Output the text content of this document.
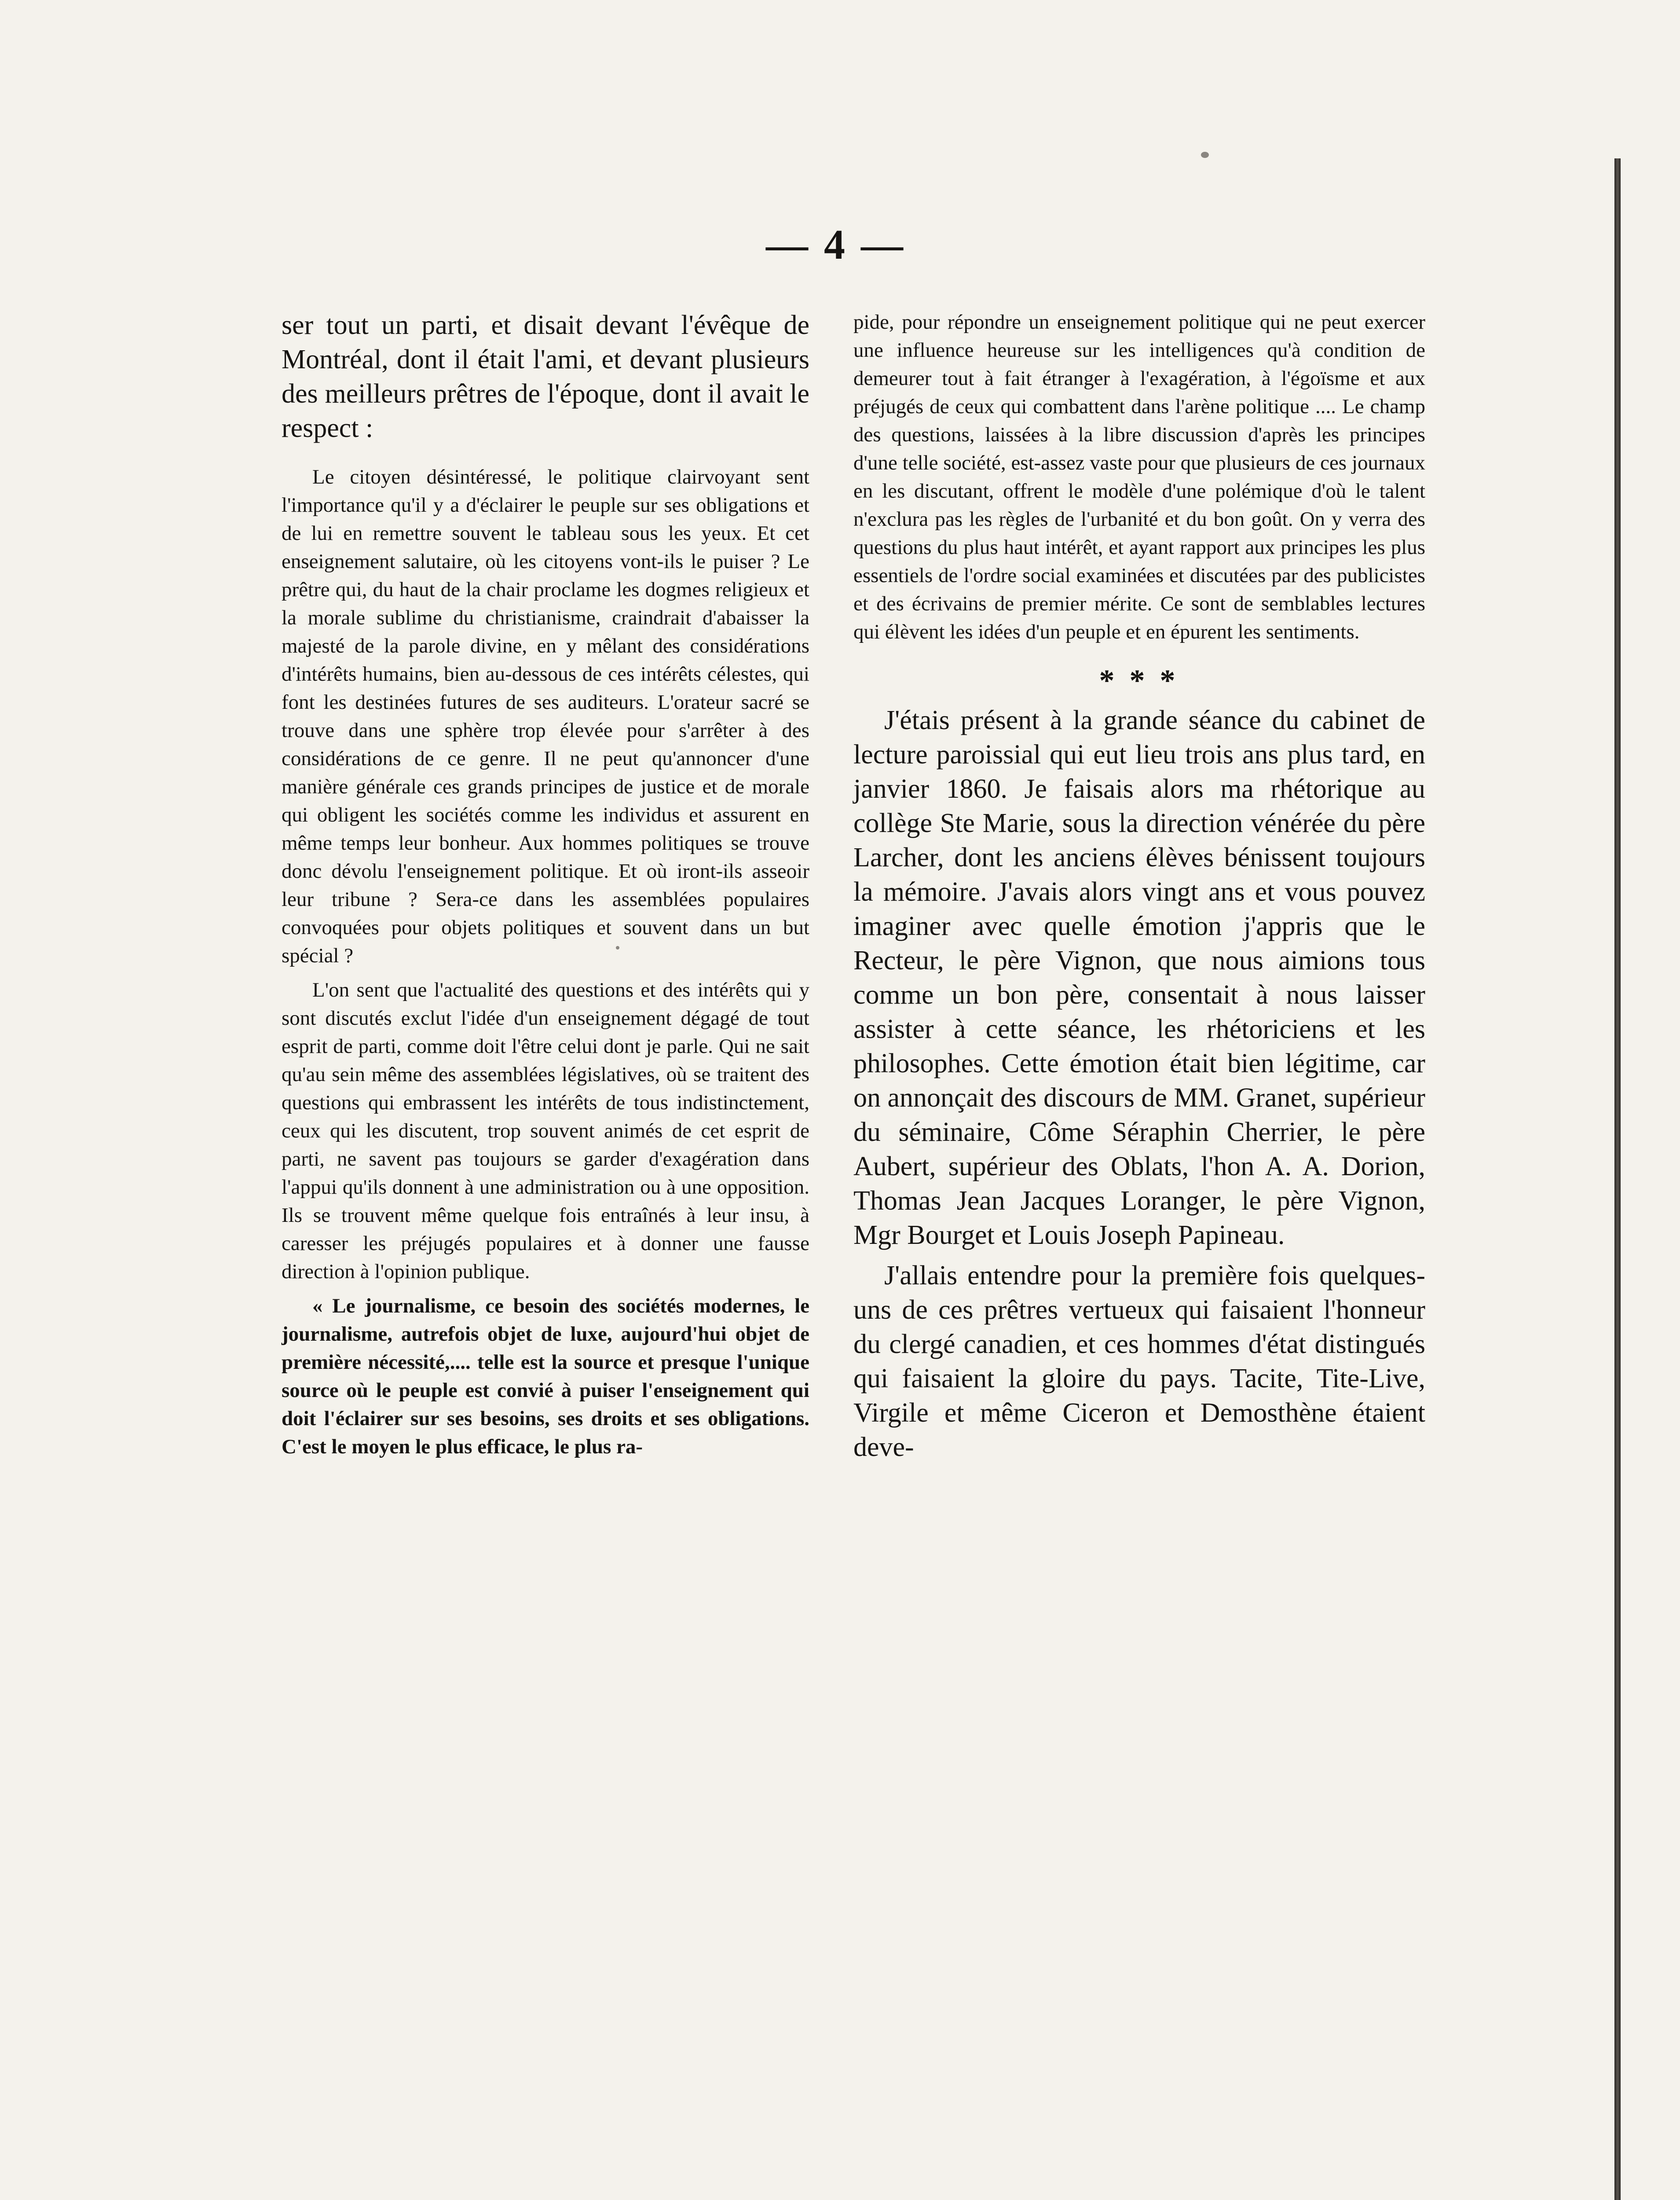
— 4 —

ser tout un parti, et disait devant l'évêque de Montréal, dont il était l'ami, et devant plusieurs des meilleurs prêtres de l'époque, dont il avait le respect :

Le citoyen désintéressé, le politique clairvoyant sent l'importance qu'il y a d'éclairer le peuple sur ses obligations et de lui en remettre souvent le tableau sous les yeux. Et cet enseignement salutaire, où les citoyens vont-ils le puiser ? Le prêtre qui, du haut de la chair proclame les dogmes religieux et la morale sublime du christianisme, craindrait d'abaisser la majesté de la parole divine, en y mêlant des considérations d'intérêts humains, bien au-dessous de ces intérêts célestes, qui font les destinées futures de ses auditeurs. L'orateur sacré se trouve dans une sphère trop élevée pour s'arrêter à des considérations de ce genre. Il ne peut qu'annoncer d'une manière générale ces grands principes de justice et de morale qui obligent les sociétés comme les individus et assurent en même temps leur bonheur. Aux hommes politiques se trouve donc dévolu l'enseignement politique. Et où iront-ils asseoir leur tribune ? Sera-ce dans les assemblées populaires convoquées pour objets politiques et souvent dans un but spécial ?

L'on sent que l'actualité des questions et des intérêts qui y sont discutés exclut l'idée d'un enseignement dégagé de tout esprit de parti, comme doit l'être celui dont je parle. Qui ne sait qu'au sein même des assemblées législatives, où se traitent des questions qui embrassent les intérêts de tous indistinctement, ceux qui les discutent, trop souvent animés de cet esprit de parti, ne savent pas toujours se garder d'exagération dans l'appui qu'ils donnent à une administration ou à une opposition. Ils se trouvent même quelque fois entraînés à leur insu, à caresser les préjugés populaires et à donner une fausse direction à l'opinion publique.

« Le journalisme, ce besoin des sociétés modernes, le journalisme, autrefois objet de luxe, aujourd'hui objet de première nécessité,.... telle est la source et presque l'unique source où le peuple est convié à puiser l'enseignement qui doit l'éclairer sur ses besoins, ses droits et ses obligations. C'est le moyen le plus efficace, le plus ra-

pide, pour répondre un enseignement politique qui ne peut exercer une influence heureuse sur les intelligences qu'à condition de demeurer tout à fait étranger à l'exagération, à l'égoïsme et aux préjugés de ceux qui combattent dans l'arène politique .... Le champ des questions, laissées à la libre discussion d'après les principes d'une telle société, est-assez vaste pour que plusieurs de ces journaux en les discutant, offrent le modèle d'une polémique d'où le talent n'exclura pas les règles de l'urbanité et du bon goût. On y verra des questions du plus haut intérêt, et ayant rapport aux principes les plus essentiels de l'ordre social examinées et discutées par des publicistes et des écrivains de premier mérite. Ce sont de semblables lectures qui élèvent les idées d'un peuple et en épurent les sentiments.

* * *

J'étais présent à la grande séance du cabinet de lecture paroissial qui eut lieu trois ans plus tard, en janvier 1860. Je faisais alors ma rhétorique au collège Ste Marie, sous la direction vénérée du père Larcher, dont les anciens élèves bénissent toujours la mémoire. J'avais alors vingt ans et vous pouvez imaginer avec quelle émotion j'appris que le Recteur, le père Vignon, que nous aimions tous comme un bon père, consentait à nous laisser assister à cette séance, les rhétoriciens et les philosophes. Cette émotion était bien légitime, car on annonçait des discours de MM. Granet, supérieur du séminaire, Côme Séraphin Cherrier, le père Aubert, supérieur des Oblats, l'hon A. A. Dorion, Thomas Jean Jacques Loranger, le père Vignon, Mgr Bourget et Louis Joseph Papineau.

J'allais entendre pour la première fois quelques-uns de ces prêtres vertueux qui faisaient l'honneur du clergé canadien, et ces hommes d'état distingués qui faisaient la gloire du pays. Tacite, Tite-Live, Virgile et même Ciceron et Demosthène étaient deve-
